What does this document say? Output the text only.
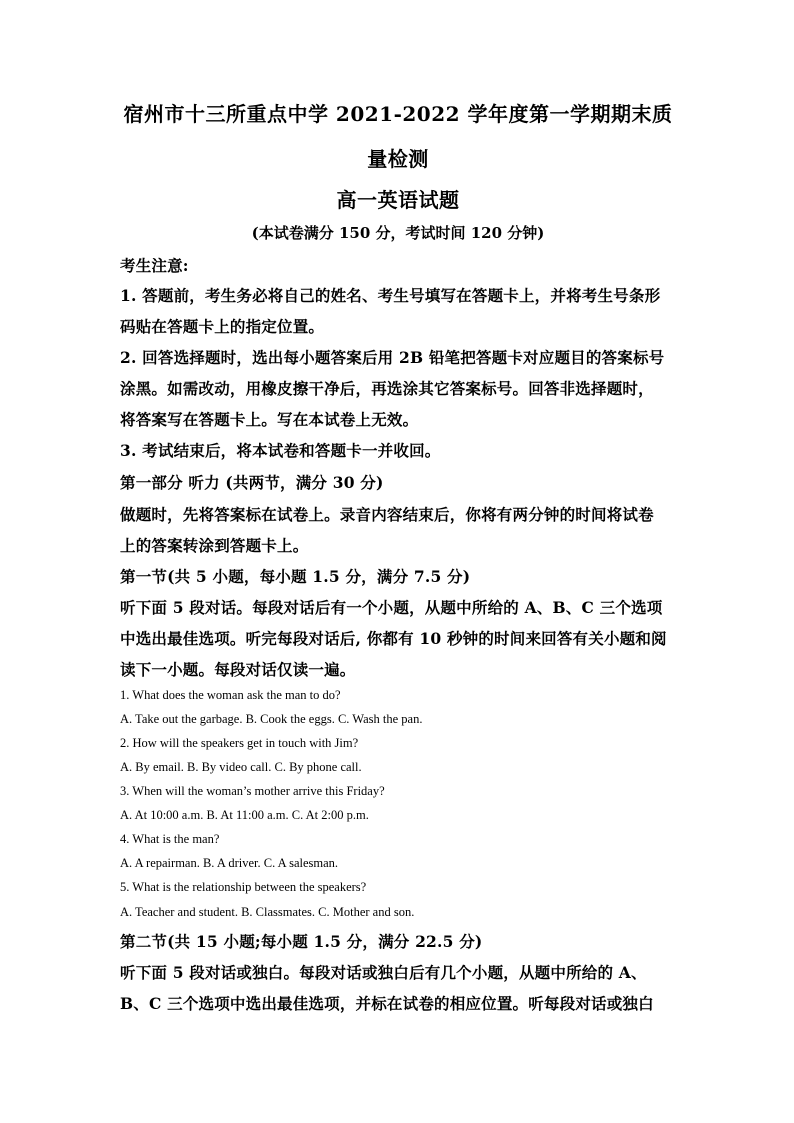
宿州市十三所重点中学 2021-2022 学年度第一学期期末质
量检测
高一英语试题
(本试卷满分 150 分，考试时间 120 分钟)
考生注意:
1. 答题前，考生务必将自己的姓名、考生号填写在答题卡上，并将考生号条形
码贴在答题卡上的指定位置。
2. 回答选择题时，选出每小题答案后用 2B 铅笔把答题卡对应题目的答案标号
涂黑。如需改动，用橡皮擦干净后，再选涂其它答案标号。回答非选择题时，
将答案写在答题卡上。写在本试卷上无效。
3. 考试结束后，将本试卷和答题卡一并收回。
第一部分 听力 (共两节，满分 30 分)
做题时，先将答案标在试卷上。录音内容结束后，你将有两分钟的时间将试卷
上的答案转涂到答题卡上。
第一节(共 5 小题，每小题 1.5 分，满分 7.5 分)
听下面 5 段对话。每段对话后有一个小题，从题中所给的 A、B、C 三个选项
中选出最佳选项。听完每段对话后, 你都有 10 秒钟的时间来回答有关小题和阅
读下一小题。每段对话仅读一遍。
1. What does the woman ask the man to do?
A. Take out the garbage. B. Cook the eggs. C. Wash the pan.
2. How will the speakers get in touch with Jim?
A. By email. B. By video call. C. By phone call.
3. When will the woman’s mother arrive this Friday?
A. At 10:00 a.m. B. At 11:00 a.m. C. At 2:00 p.m.
4. What is the man?
A. A repairman. B. A driver. C. A salesman.
5. What is the relationship between the speakers?
A. Teacher and student. B. Classmates. C. Mother and son.
第二节(共 15 小题;每小题 1.5 分，满分 22.5 分)
听下面 5 段对话或独白。每段对话或独白后有几个小题，从题中所给的 A、
B、C 三个选项中选出最佳选项，并标在试卷的相应位置。听每段对话或独白
